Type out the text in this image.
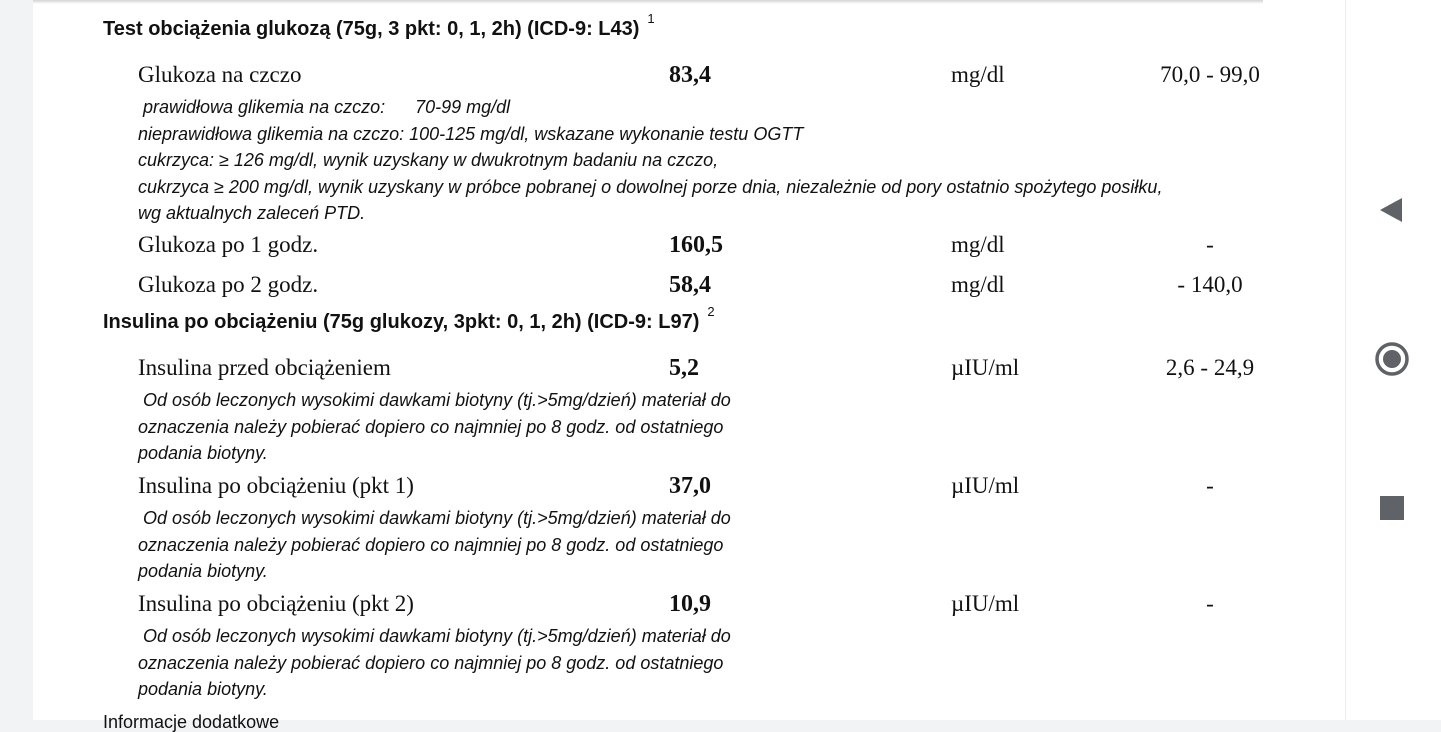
Test obciążenia glukozą (75g, 3 pkt: 0, 1, 2h) (ICD-9: L43) $^1$
Glukoza na czczo	83,4	mg/dl	70,0 - 99,0
prawidłowa glikemia na czczo:      70-99 mg/dl
nieprawidłowa glikemia na czczo: 100-125 mg/dl, wskazane wykonanie testu OGTT
cukrzyca: ≥ 126 mg/dl, wynik uzyskany w dwukrotnym badaniu na czczo,
cukrzyca ≥ 200 mg/dl, wynik uzyskany w próbce pobranej o dowolnej porze dnia, niezależnie od pory ostatnio spożytego posiłku,
wg aktualnych zaleceń PTD.
Glukoza po 1 godz.	160,5	mg/dl	-
Glukoza po 2 godz.	58,4	mg/dl	- 140,0
Insulina po obciążeniu (75g glukozy, 3pkt: 0, 1, 2h) (ICD-9: L97) $^2$
Insulina przed obciążeniem	5,2	µIU/ml	2,6 - 24,9
Od osób leczonych wysokimi dawkami biotyny (tj.>5mg/dzień) materiał do
oznaczenia należy pobierać dopiero co najmniej po 8 godz. od ostatniego
podania biotyny.
Insulina po obciążeniu (pkt 1)	37,0	µIU/ml	-
Od osób leczonych wysokimi dawkami biotyny (tj.>5mg/dzień) materiał do
oznaczenia należy pobierać dopiero co najmniej po 8 godz. od ostatniego
podania biotyny.
Insulina po obciążeniu (pkt 2)	10,9	µIU/ml	-
Od osób leczonych wysokimi dawkami biotyny (tj.>5mg/dzień) materiał do
oznaczenia należy pobierać dopiero co najmniej po 8 godz. od ostatniego
podania biotyny.
Informacje dodatkowe
